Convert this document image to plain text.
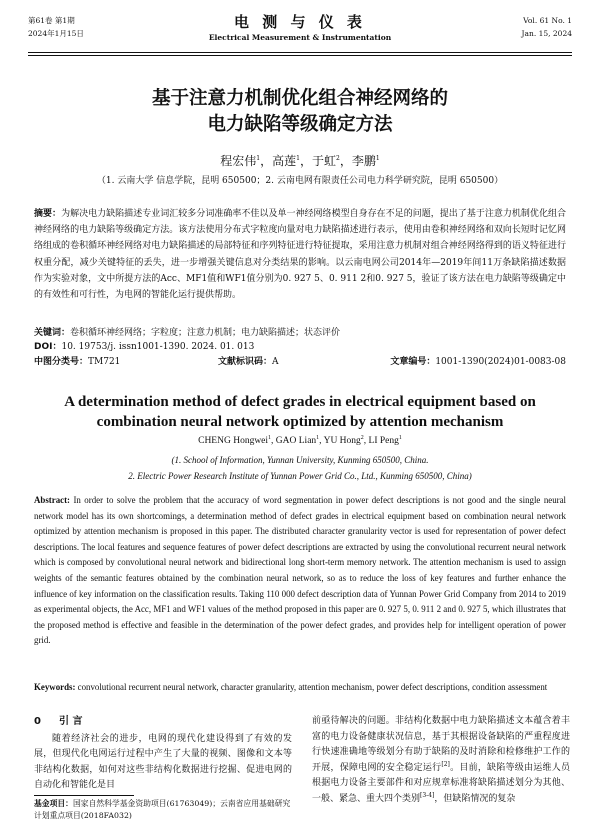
第61卷 第1期
2024年1月15日
电 测 与 仪 表
Electrical Measurement & Instrumentation
Vol. 61 No. 1
Jan. 15, 2024
基于注意力机制优化组合神经网络的
电力缺陷等级确定方法
程宏伟$^1$，高莲$^1$，于虹$^2$，李鹏$^1$
（1. 云南大学 信息学院，昆明 650500；2. 云南电网有限责任公司电力科学研究院，昆明 650500）
摘要：为解决电力缺陷描述专业词汇较多分词准确率不佳以及单一神经网络模型自身存在不足的问题，提出了基于注意力机制优化组合神经网络的电力缺陷等级确定方法。该方法使用分布式字粒度向量对电力缺陷描述进行表示，使用由卷积神经网络和双向长短时记忆网络组成的卷积循环神经网络对电力缺陷描述的局部特征和序列特征进行特征提取，采用注意力机制对组合神经网络得到的语义特征进行权重分配，减少关键特征的丢失，进一步增强关键信息对分类结果的影响。以云南电网公司2014年—2019年间11万条缺陷描述数据作为实验对象，文中所提方法的Acc、MF1值和WF1值分别为0. 927 5、0. 911 2和0. 927 5，验证了该方法在电力缺陷等级确定中的有效性和可行性，为电网的智能化运行提供帮助。
关键词：卷积循环神经网络；字粒度；注意力机制；电力缺陷描述；状态评价
DOI：10. 19753/j. issn1001-1390. 2024. 01. 013
中图分类号：TM721	文献标识码：A	文章编号：1001-1390(2024)01-0083-08
A determination method of defect grades in electrical equipment based on
combination neural network optimized by attention mechanism
CHENG Hongwei$^1$, GAO Lian$^1$, YU Hong$^2$, LI Peng$^1$
(1. School of Information, Yunnan University, Kunming 650500, China.
2. Electric Power Research Institute of Yunnan Power Grid Co., Ltd., Kunming 650500, China)
Abstract: In order to solve the problem that the accuracy of word segmentation in power defect descriptions is not good and the single neural network model has its own shortcomings, a determination method of defect grades in electrical equipment based on combination neural network optimized by attention mechanism is proposed in this paper. The distributed character granularity vector is used for representation of power defect descriptions. The local features and sequence features of power defect descriptions are extracted by using the convolutional recurrent neural network which is composed by convolutional neural network and bidirectional long short-term memory network. The attention mechanism is used to assign weights of the semantic features obtained by the combination neural network, so as to reduce the loss of key features and further enhance the influence of key information on the classification results. Taking 110 000 defect description data of Yunnan Power Grid Company from 2014 to 2019 as experimental objects, the Acc, MF1 and WF1 values of the method proposed in this paper are 0. 927 5, 0. 911 2 and 0. 927 5, which illustrates that the proposed method is effective and feasible in the determination of the power defect grades, and provides help for intelligent operation of power grid.
Keywords: convolutional recurrent neural network, character granularity, attention mechanism, power defect descriptions, condition assessment
0 引 言
随着经济社会的进步，电网的现代化建设得到了有效的发展，但现代化电网运行过程中产生了大量的视频、图像和文本等非结构化数据，如何对这些非结构化数据进行挖掘、促进电网的自动化和智能化是目
前亟待解决的问题。非结构化数据中电力缺陷描述文本蕴含着丰富的电力设备健康状况信息，基于其根据设备缺陷的严重程度进行快速准确地等级划分有助于缺陷的及时消除和检修维护工作的开展，保障电网的安全稳定运行[2]。目前，缺陷等级由运维人员根据电力设备主要部件和对应规章标准将缺陷描述划分为其他、一般、紧急、重大四个类别[3-4]，但缺陷情况的复杂
基金项目：国家自然科学基金资助项目(61763049)；云南省应用基础研究计划重点项目(2018FA032)
